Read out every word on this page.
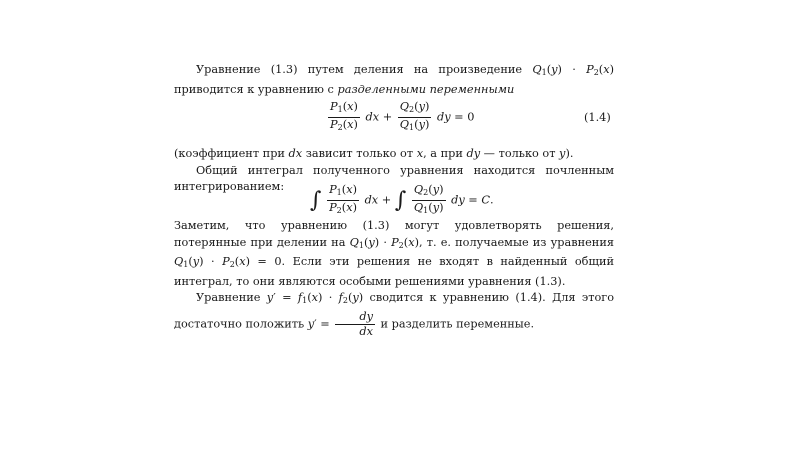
Уравнение (1.3) путем деления на произведение $Q_1(y) \cdot P_2(x)$ приводится к уравнению с разделенными переменными

$\frac{P_1(x)}{P_2(x)}$ dx + $\frac{Q_2(y)}{Q_1(y)}$ dy = 0	(1.4)

(коэффициент при dx зависит только от x, а при dy — только от y).

Общий интеграл полученного уравнения находится почленным интегрированием:

∫ $\frac{P_1(x)}{P_2(x)}$ dx + ∫ $\frac{Q_2(y)}{Q_1(y)}$ dy = C.

Заметим, что уравнению (1.3) могут удовлетворять решения, потерянные при делении на $Q_1(y) \cdot P_2(x)$, т. е. получаемые из уравнения $Q_1(y) \cdot P_2(x) = 0$. Если эти решения не входят в найденный общий интеграл, то они являются особыми решениями уравнения (1.3).

Уравнение $y' = f_1(x) \cdot f_2(y)$ сводится к уравнению (1.4). Для этого достаточно положить $y' = \frac{dy}{dx}$ и разделить переменные.
